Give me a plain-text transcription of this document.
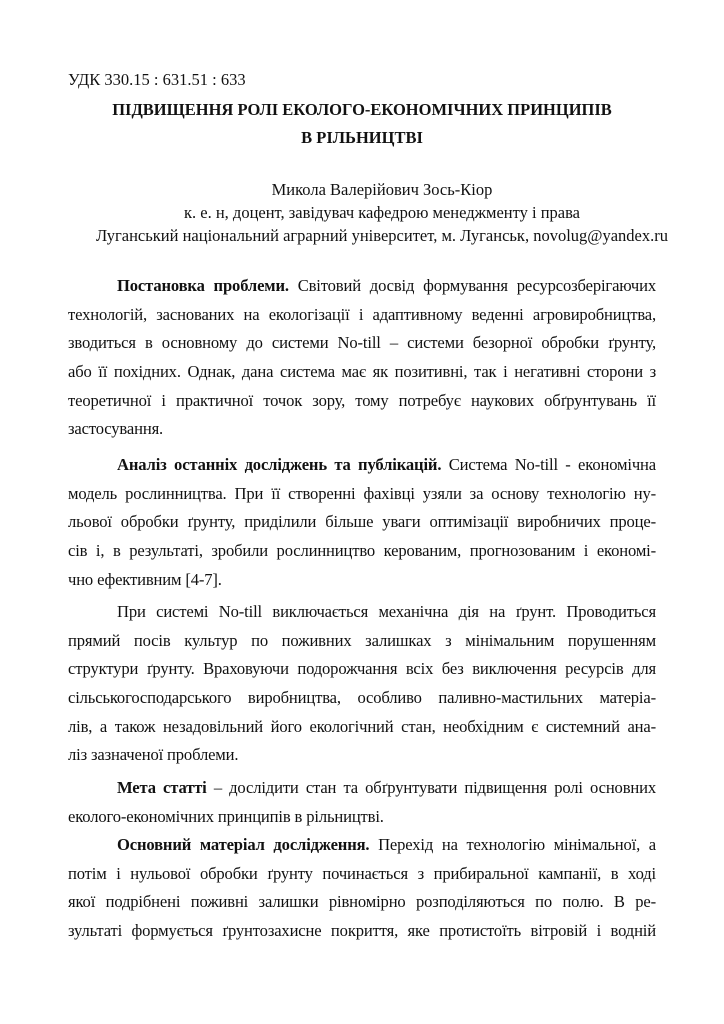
УДК 330.15 : 631.51 : 633
ПІДВИЩЕННЯ РОЛІ ЕКОЛОГО-ЕКОНОМІЧНИХ ПРИНЦИПІВ
В РІЛЬНИЦТВІ
Микола Валерійович Зось-Кіор
к. е. н, доцент, завідувач кафедрою менеджменту і права
Луганський національний аграрний університет, м. Луганськ, novolug@yandex.ru
Постановка проблеми. Світовий досвід формування ресурсозберігаючих
технологій, заснованих на екологізації і адаптивному веденні агровиробництва,
зводиться в основному до системи No-till – системи безорної обробки ґрунту,
або її похідних. Однак, дана система має як позитивні, так і негативні сторони з
теоретичної і практичної точок зору, тому потребує наукових обґрунтувань її
застосування.
Аналіз останніх досліджень та публікацій. Система No-till - економічна
модель рослинництва. При її створенні фахівці узяли за основу технологію ну-
льової обробки ґрунту, приділили більше уваги оптимізації виробничих проце-
сів і, в результаті, зробили рослинництво керованим, прогнозованим і економі-
чно ефективним [4-7].
При системі No-till виключається механічна дія на ґрунт. Проводиться
прямий посів культур по поживних залишках з мінімальним порушенням
структури ґрунту. Враховуючи подорожчання всіх без виключення ресурсів для
сільськогосподарського виробництва, особливо паливно-мастильних матеріа-
лів, а також незадовільний його екологічний стан, необхідним є системний ана-
ліз зазначеної проблеми.
Мета статті – дослідити стан та обґрунтувати підвищення ролі основних
еколого-економічних принципів в рільництві.
Основний матеріал дослідження. Перехід на технологію мінімальної, а
потім і нульової обробки ґрунту починається з прибиральної кампанії, в ході
якої подрібнені поживні залишки рівномірно розподіляються по полю. В ре-
зультаті формується ґрунтозахисне покриття, яке протистоїть вітровій і водній
